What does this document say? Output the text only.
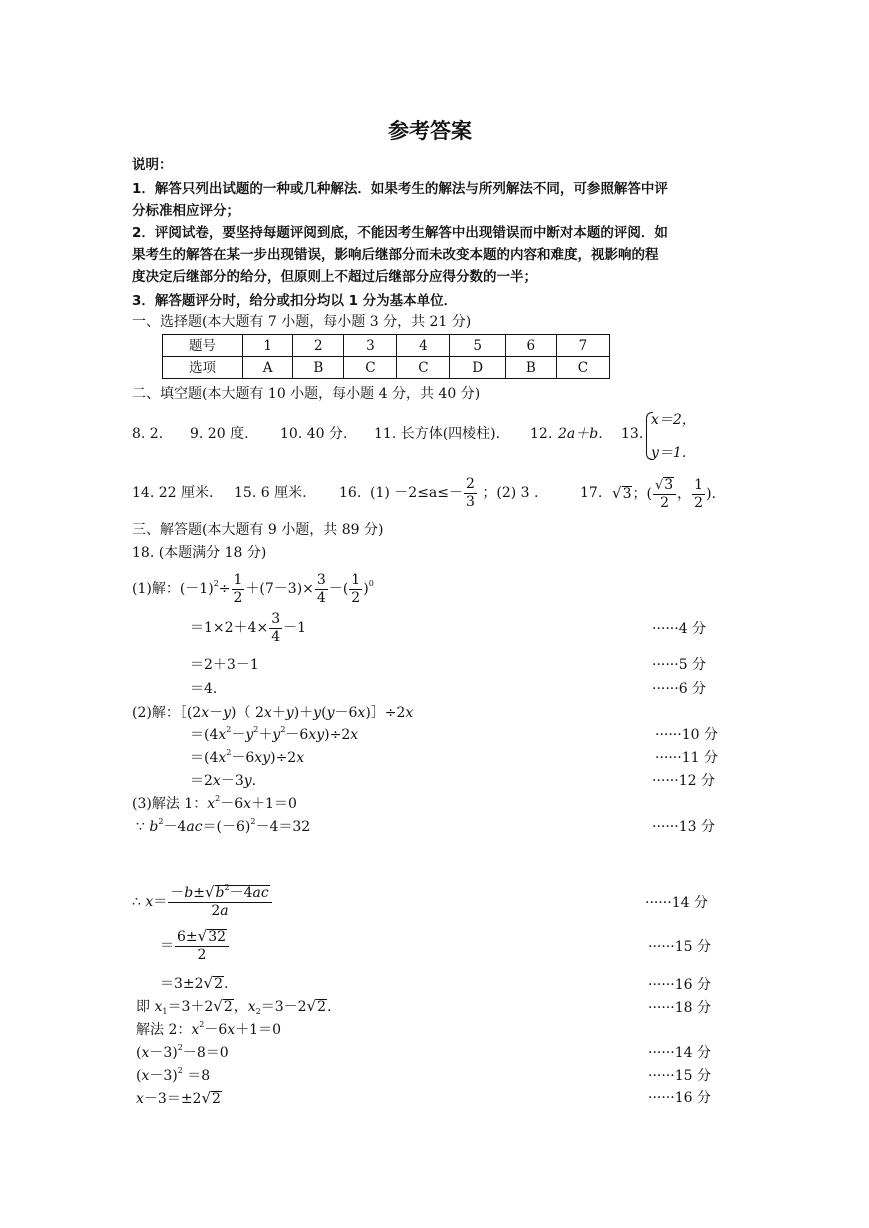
参考答案
说明：
1．解答只列出试题的一种或几种解法．如果考生的解法与所列解法不同，可参照解答中评
分标准相应评分；
2．评阅试卷，要坚持每题评阅到底，不能因考生解答中出现错误而中断对本题的评阅．如
果考生的解答在某一步出现错误，影响后继部分而未改变本题的内容和难度，视影响的程
度决定后继部分的给分，但原则上不超过后继部分应得分数的一半；
3．解答题评分时，给分或扣分均以 1 分为基本单位．
一、选择题(本大题有 7 小题，每小题 3 分，共 21 分)
题号	1	2	3	4	5	6	7
选项	A	B	C	C	D	B	C
二、填空题(本大题有 10 小题，每小题 4 分，共 40 分)
8. 2. 9. 20 度. 10. 40 分. 11. 长方体(四棱柱). 12. 2a＋b. 13.
x＝2，
y＝1.
14. 22 厘米. 15. 6 厘米. 16. $(1) -2\le a\le- \frac{2}{3}$ ；(2) 3 .	17. √3；( $\frac{√3}{2}$ ， $\frac{1}{2}$ ).
三、解答题(本大题有 9 小题，共 89 分)
18. (本题满分 18 分)
(1)解：$(-1)^2\div \frac{1}{2} +(7-3)\times \frac{3}{4}$ －( $\frac{1}{2} )^0$
$=1\times 2+4\times \frac{3}{4} -1$	······4 分
＝2＋3－1	······5 分
＝4.	······6 分
(2)解：［(2x－y)（ 2x＋y)＋y(y－6x)］÷2x
$=(4x^2-y^2+y^2-6xy)\div 2x$	······10 分
$=(4x^2-6xy)\div 2x$	······11 分
＝2x－3y.	······12 分
(3)解法 1：$x^2-6x+1=0$
∵ $b^2-4ac=(-6)^2-4=32$	······13 分
∴ $x= \frac{-b\pm√b^2-4ac}{2a}$	······14 分
＝ $\frac{6\pm√32}{2}$	······15 分
＝3±2√2.	······16 分
即 $x_1=3+2√2$，$x_2=3-2√2$.	······18 分
解法 2：$x^2-6x+1=0$
$(x-3)^2-8=0$	······14 分
$(x-3)^2 =8$	······15 分
x－3＝±2√2	······16 分
